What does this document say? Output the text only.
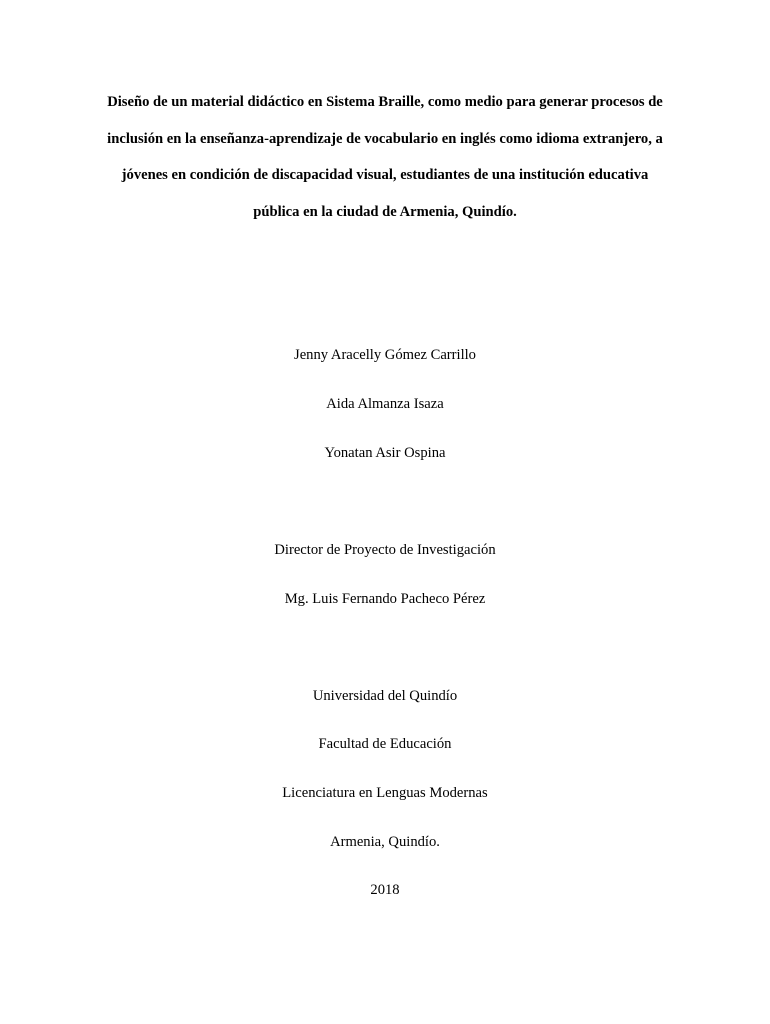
Diseño de un material didáctico en Sistema Braille, como medio para generar procesos de
inclusión en la enseñanza-aprendizaje de vocabulario en inglés como idioma extranjero, a
jóvenes en condición de discapacidad visual, estudiantes de una institución educativa
pública en la ciudad de Armenia, Quindío.
Jenny Aracelly Gómez Carrillo
Aida Almanza Isaza
Yonatan Asir Ospina
Director de Proyecto de Investigación
Mg. Luis Fernando Pacheco Pérez
Universidad del Quindío
Facultad de Educación
Licenciatura en Lenguas Modernas
Armenia, Quindío.
2018
